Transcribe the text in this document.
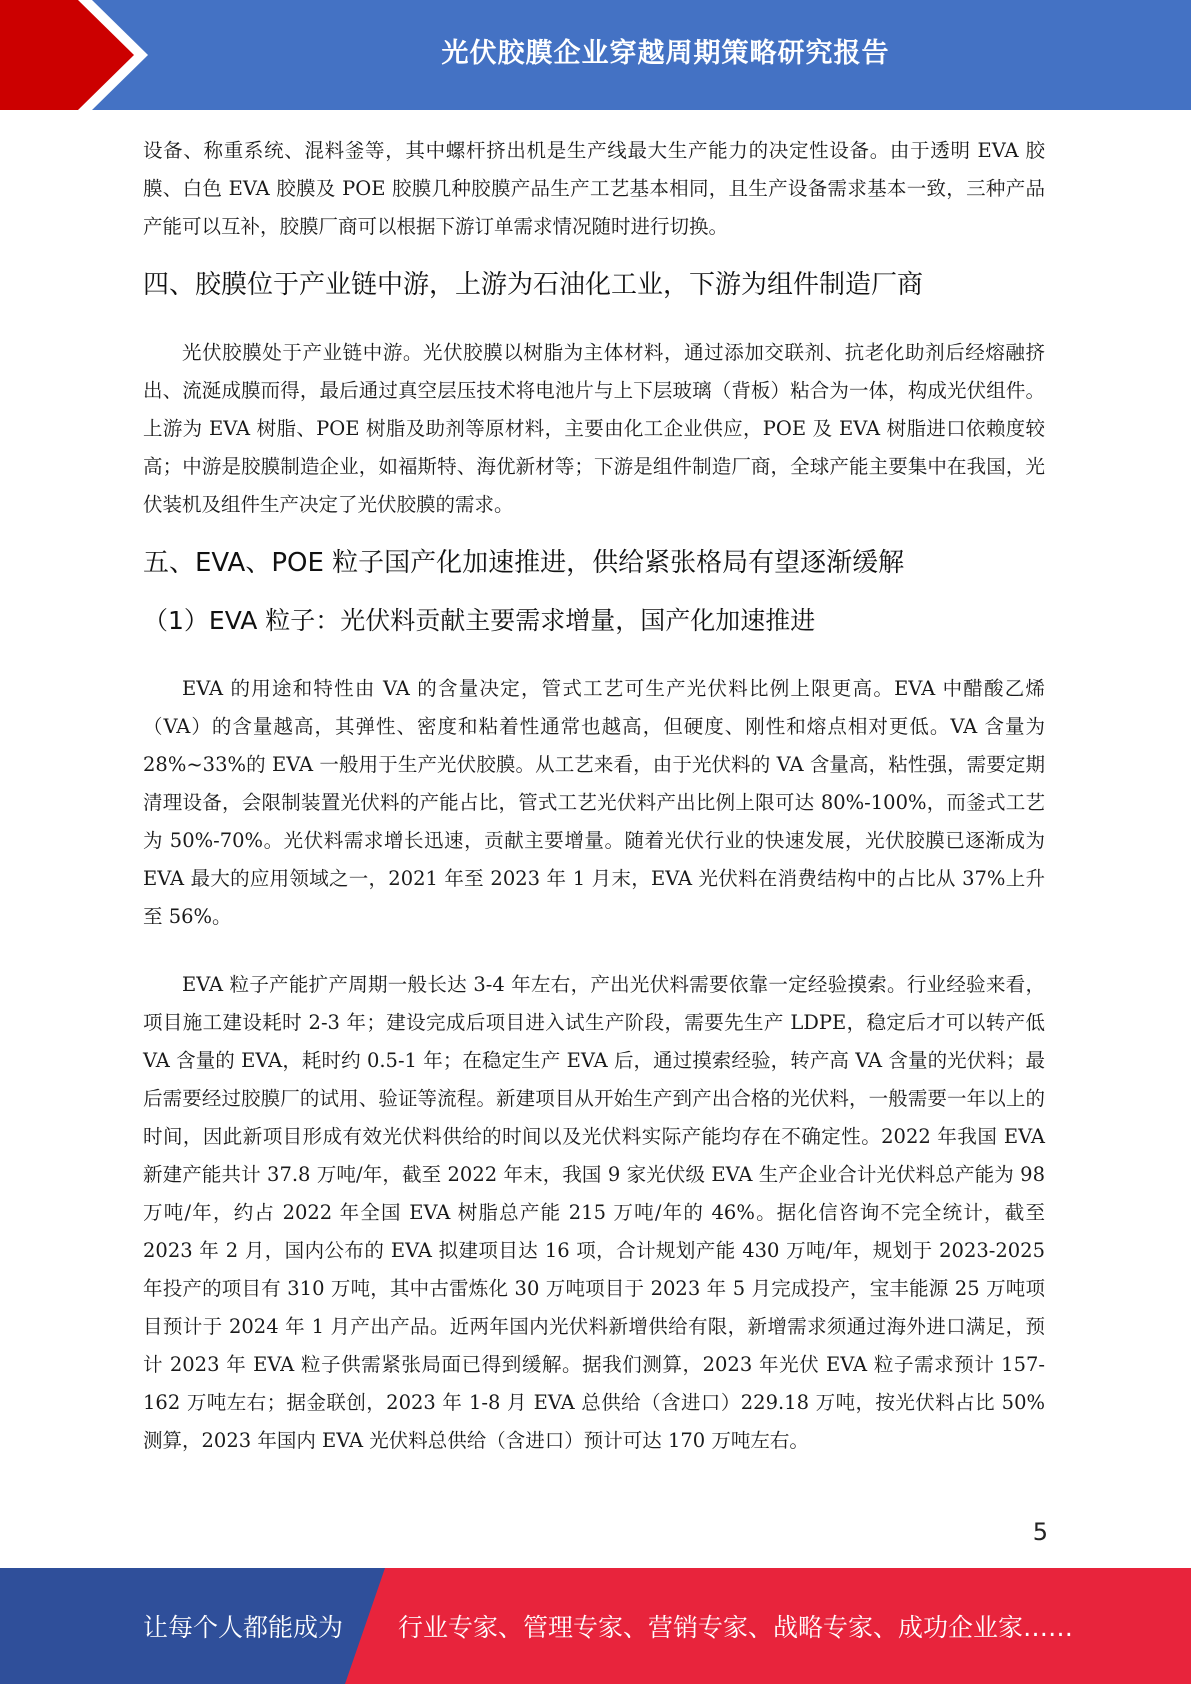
光伏胶膜企业穿越周期策略研究报告

设备、称重系统、混料釜等，其中螺杆挤出机是生产线最大生产能力的决定性设备。由于透明 EVA 胶膜、白色 EVA 胶膜及 POE 胶膜几种胶膜产品生产工艺基本相同，且生产设备需求基本一致，三种产品产能可以互补，胶膜厂商可以根据下游订单需求情况随时进行切换。

四、胶膜位于产业链中游，上游为石油化工业，下游为组件制造厂商

光伏胶膜处于产业链中游。光伏胶膜以树脂为主体材料，通过添加交联剂、抗老化助剂后经熔融挤出、流涎成膜而得，最后通过真空层压技术将电池片与上下层玻璃（背板）粘合为一体，构成光伏组件。上游为 EVA 树脂、POE 树脂及助剂等原材料，主要由化工企业供应，POE 及 EVA 树脂进口依赖度较高；中游是胶膜制造企业，如福斯特、海优新材等；下游是组件制造厂商，全球产能主要集中在我国，光伏装机及组件生产决定了光伏胶膜的需求。

五、EVA、POE 粒子国产化加速推进，供给紧张格局有望逐渐缓解
（1）EVA 粒子：光伏料贡献主要需求增量，国产化加速推进

EVA 的用途和特性由 VA 的含量决定，管式工艺可生产光伏料比例上限更高。EVA 中醋酸乙烯（VA）的含量越高，其弹性、密度和粘着性通常也越高，但硬度、刚性和熔点相对更低。VA 含量为 28%~33%的 EVA 一般用于生产光伏胶膜。从工艺来看，由于光伏料的 VA 含量高，粘性强，需要定期清理设备，会限制装置光伏料的产能占比，管式工艺光伏料产出比例上限可达 80%-100%，而釜式工艺为 50%-70%。光伏料需求增长迅速，贡献主要增量。随着光伏行业的快速发展，光伏胶膜已逐渐成为 EVA 最大的应用领域之一，2021 年至 2023 年 1 月末，EVA 光伏料在消费结构中的占比从 37%上升至 56%。

EVA 粒子产能扩产周期一般长达 3-4 年左右，产出光伏料需要依靠一定经验摸索。行业经验来看，项目施工建设耗时 2-3 年；建设完成后项目进入试生产阶段，需要先生产 LDPE，稳定后才可以转产低 VA 含量的 EVA，耗时约 0.5-1 年；在稳定生产 EVA 后，通过摸索经验，转产高 VA 含量的光伏料；最后需要经过胶膜厂的试用、验证等流程。新建项目从开始生产到产出合格的光伏料，一般需要一年以上的时间，因此新项目形成有效光伏料供给的时间以及光伏料实际产能均存在不确定性。2022 年我国 EVA 新建产能共计 37.8 万吨/年，截至 2022 年末，我国 9 家光伏级 EVA 生产企业合计光伏料总产能为 98 万吨/年，约占 2022 年全国 EVA 树脂总产能 215 万吨/年的 46%。据化信咨询不完全统计，截至 2023 年 2 月，国内公布的 EVA 拟建项目达 16 项，合计规划产能 430 万吨/年，规划于 2023-2025 年投产的项目有 310 万吨，其中古雷炼化 30 万吨项目于 2023 年 5 月完成投产，宝丰能源 25 万吨项目预计于 2024 年 1 月产出产品。近两年国内光伏料新增供给有限，新增需求须通过海外进口满足，预计 2023 年 EVA 粒子供需紧张局面已得到缓解。据我们测算，2023 年光伏 EVA 粒子需求预计 157-162 万吨左右；据金联创，2023 年 1-8 月 EVA 总供给（含进口）229.18 万吨，按光伏料占比 50%测算，2023 年国内 EVA 光伏料总供给（含进口）预计可达 170 万吨左右。

5
让每个人都能成为 行业专家、管理专家、营销专家、战略专家、成功企业家……
